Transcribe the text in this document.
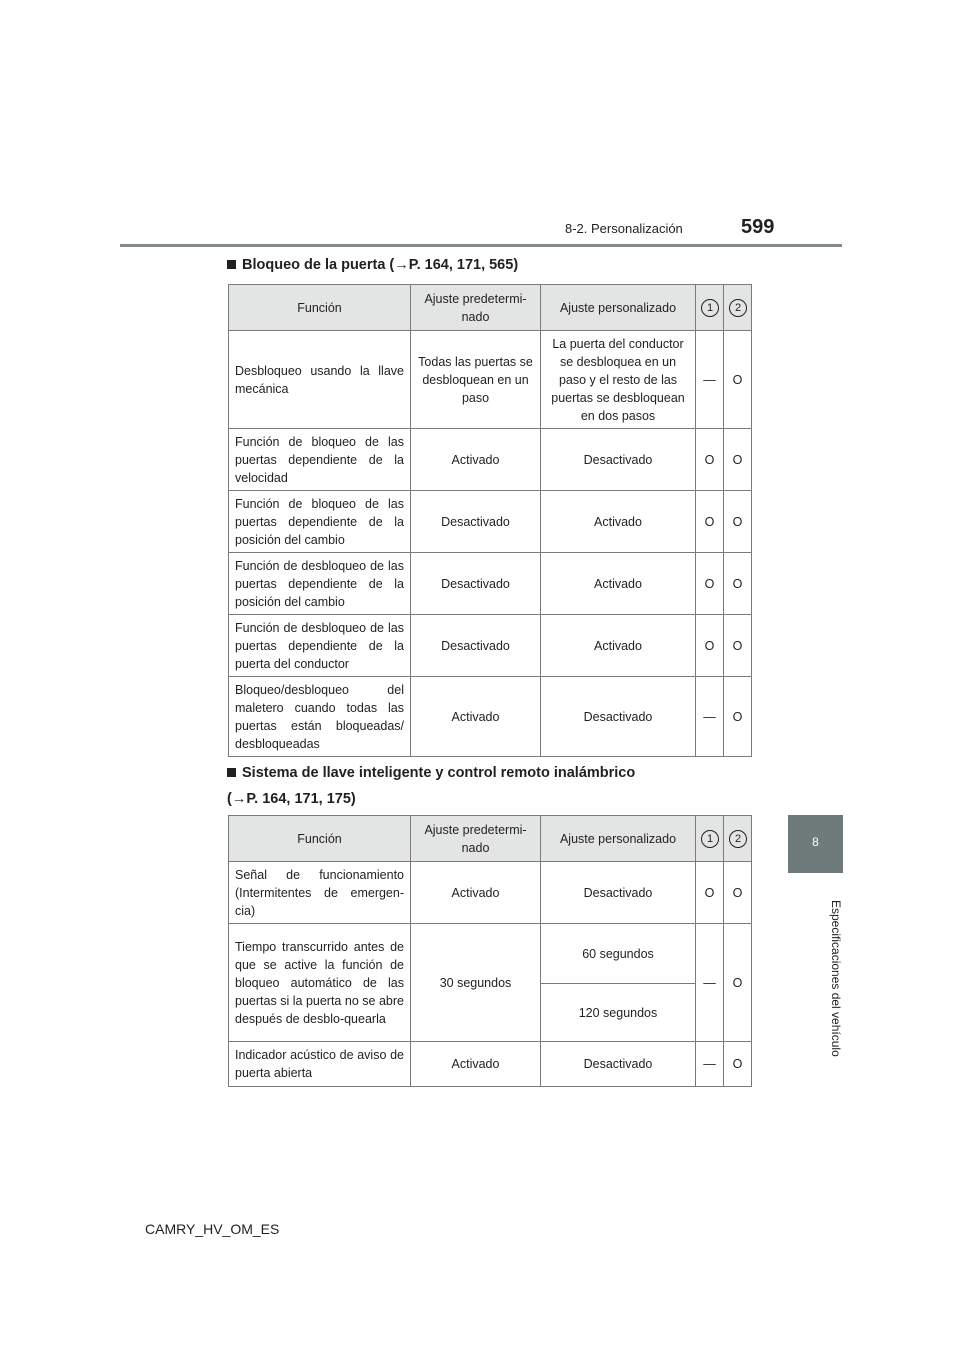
8-2. Personalización	599
8
Especificaciones del vehículo
Bloqueo de la puerta (→P. 164, 171, 565)
Función	Ajuste predetermi-nado	Ajuste personalizado	1	2
Desbloqueo usando la llave mecánica	Todas las puertas se desbloquean en un paso	La puerta del conductor se desbloquea en un paso y el resto de las puertas se desbloquean en dos pasos	—	O
Función de bloqueo de las puertas dependiente de la velocidad	Activado	Desactivado	O	O
Función de bloqueo de las puertas dependiente de la posición del cambio	Desactivado	Activado	O	O
Función de desbloqueo de las puertas dependiente de la posición del cambio	Desactivado	Activado	O	O
Función de desbloqueo de las puertas dependiente de la puerta del conductor	Desactivado	Activado	O	O
Bloqueo/desbloqueo del maletero cuando todas las puertas están bloqueadas/ desbloqueadas	Activado	Desactivado	—	O
Sistema de llave inteligente y control remoto inalámbrico
(→P. 164, 171, 175)
Función	Ajuste predetermi-nado	Ajuste personalizado	1	2
Señal de funcionamiento (Intermitentes de emergen-cia)	Activado	Desactivado	O	O
Tiempo transcurrido antes de que se active la función de bloqueo automático de las puertas si la puerta no se abre después de desblo-quearla	30 segundos	60 segundos	—	O
		120 segundos		
Indicador acústico de aviso de puerta abierta	Activado	Desactivado	—	O
CAMRY_HV_OM_ES
